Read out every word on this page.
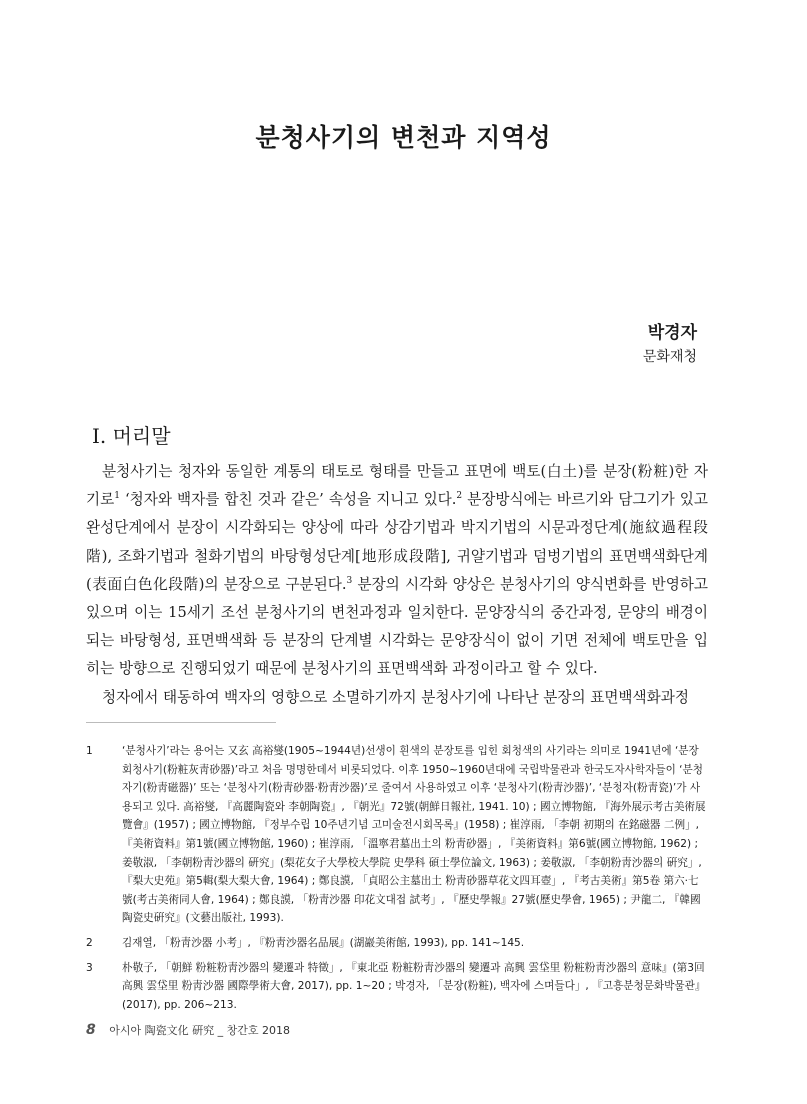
분청사기의 변천과 지역성

박경자

문화재청

Ⅰ. 머리말

분청사기는 청자와 동일한 계통의 태토로 형태를 만들고 표면에 백토(白土)를 분장(粉粧)한 자기로$^1$ ‘청자와 백자를 합친 것과 같은’ 속성을 지니고 있다.$^2$ 분장방식에는 바르기와 담그기가 있고 완성단계에서 분장이 시각화되는 양상에 따라 상감기법과 박지기법의 시문과정단계(施紋過程段階), 조화기법과 철화기법의 바탕형성단계[地形成段階], 귀얄기법과 덤벙기법의 표면백색화단계(表面白色化段階)의 분장으로 구분된다.$^3$ 분장의 시각화 양상은 분청사기의 양식변화를 반영하고 있으며 이는 15세기 조선 분청사기의 변천과정과 일치한다. 문양장식의 중간과정, 문양의 배경이 되는 바탕형성, 표면백색화 등 분장의 단계별 시각화는 문양장식이 없이 기면 전체에 백토만을 입히는 방향으로 진행되었기 때문에 분청사기의 표면백색화 과정이라고 할 수 있다.

청자에서 태동하여 백자의 영향으로 소멸하기까지 분청사기에 나타난 분장의 표면백색화과정

1	‘분청사기’라는 용어는 又玄 高裕燮(1905~1944년)선생이 흰색의 분장토를 입힌 회청색의 사기라는 의미로 1941년에 ‘분장회청사기(粉粧灰靑砂器)’라고 처음 명명한데서 비롯되었다. 이후 1950~1960년대에 국립박물관과 한국도자사학자들이 ‘분청자기(粉靑磁器)’ 또는 ‘분청사기(粉靑砂器·粉靑沙器)’로 줄여서 사용하였고 이후 ‘분청사기(粉靑沙器)’, ‘분청자(粉靑瓷)’가 사용되고 있다. 高裕燮, 『高麗陶瓷와 李朝陶瓷』, 『朝光』72號(朝鮮日報社, 1941. 10) ; 國立博物館, 『海外展示考古美術展覽會』(1957) ; 國立博物館, 『정부수립 10주년기념 고미술전시회목록』(1958) ; 崔淳雨, 「李朝 初期의 在銘磁器 二例」, 『美術資料』第1號(國立博物館, 1960) ; 崔淳雨, 「溫寧君墓出土의 粉靑砂器」, 『美術資料』第6號(國立博物館, 1962) ; 姜敬淑, 「李朝粉靑沙器의 硏究」(梨花女子大學校大學院 史學科 碩士學位論文, 1963) ; 姜敬淑, 「李朝粉靑沙器의 硏究」, 『梨大史苑』第5輯(梨大梨大會, 1964) ; 鄭良謨, 「貞昭公主墓出土 粉靑砂器草花文四耳壺」, 『考古美術』第5卷 第六·七號(考古美術同人會, 1964) ; 鄭良謨, 「粉靑沙器 印花文대접 試考」, 『歷史學報』27號(歷史學會, 1965) ; 尹龍二, 『韓國陶瓷史硏究』(文藝出版社, 1993).
2	김재열, 「粉靑沙器 小考」, 『粉靑沙器名品展』(湖巖美術館, 1993), pp. 141~145.
3	朴敬子, 「朝鮮 粉粧粉靑沙器의 變遷과 特徵」, 『東北亞 粉粧粉靑沙器의 變遷과 高興 雲垈里 粉粧粉靑沙器의 意味』(第3回 高興 雲垈里 粉靑沙器 國際學術大會, 2017), pp. 1~20 ; 박경자, 「분장(粉粧), 백자에 스며들다」, 『고흥분청문화박물관』(2017), pp. 206~213.
8 아시아 陶瓷文化 硏究 _ 창간호 2018
